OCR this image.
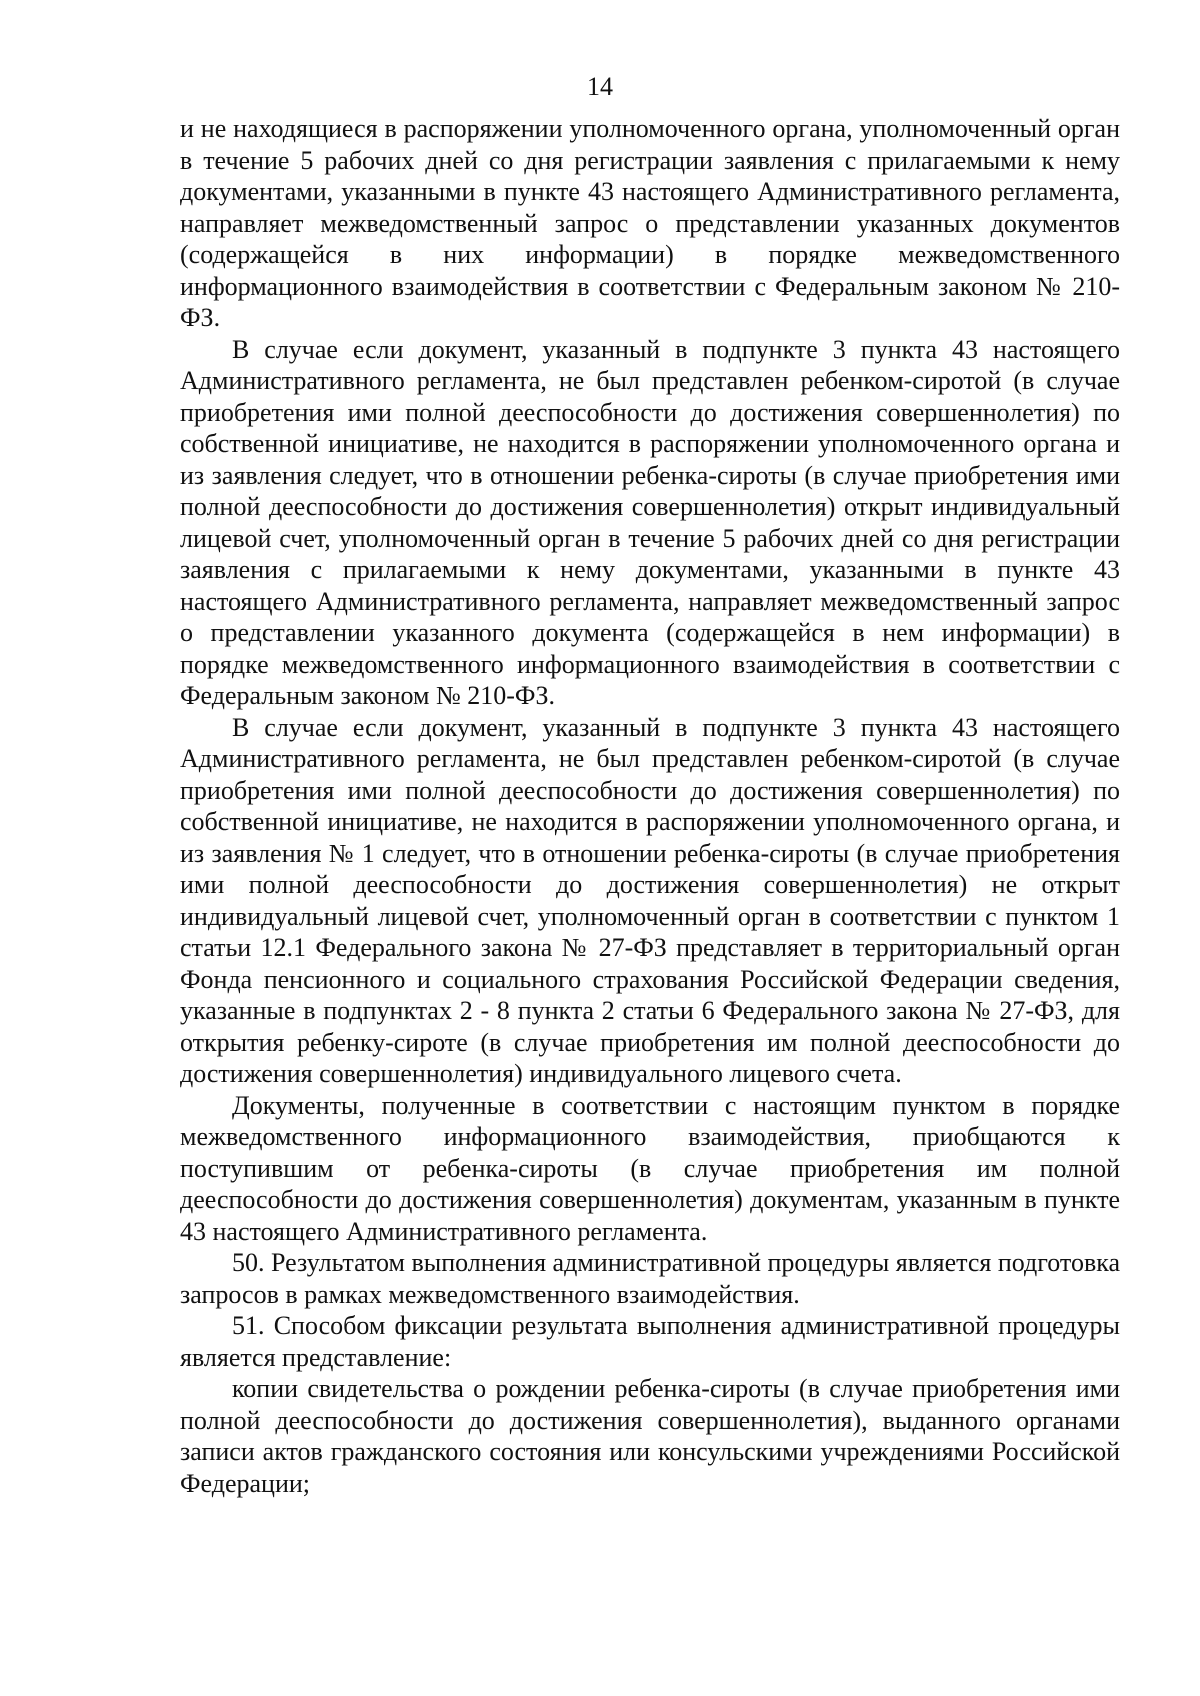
14

и не находящиеся в распоряжении уполномоченного органа, уполномоченный орган в течение 5 рабочих дней со дня регистрации заявления с прилагаемыми к нему документами, указанными в пункте 43 настоящего Административного регламента, направляет межведомственный запрос о представлении указанных документов (содержащейся в них информации) в порядке межведомственного информационного взаимодействия в соответствии с Федеральным законом № 210-ФЗ.

В случае если документ, указанный в подпункте 3 пункта 43 настоящего Административного регламента, не был представлен ребенком-сиротой (в случае приобретения ими полной дееспособности до достижения совершеннолетия) по собственной инициативе, не находится в распоряжении уполномоченного органа и из заявления следует, что в отношении ребенка-сироты (в случае приобретения ими полной дееспособности до достижения совершеннолетия) открыт индивидуальный лицевой счет, уполномоченный орган в течение 5 рабочих дней со дня регистрации заявления с прилагаемыми к нему документами, указанными в пункте 43 настоящего Административного регламента, направляет межведомственный запрос о представлении указанного документа (содержащейся в нем информации) в порядке межведомственного информационного взаимодействия в соответствии с Федеральным законом № 210-ФЗ.

В случае если документ, указанный в подпункте 3 пункта 43 настоящего Административного регламента, не был представлен ребенком-сиротой (в случае приобретения ими полной дееспособности до достижения совершеннолетия) по собственной инициативе, не находится в распоряжении уполномоченного органа, и из заявления № 1 следует, что в отношении ребенка-сироты (в случае приобретения ими полной дееспособности до достижения совершеннолетия) не открыт индивидуальный лицевой счет, уполномоченный орган в соответствии с пунктом 1 статьи 12.1 Федерального закона № 27-ФЗ представляет в территориальный орган Фонда пенсионного и социального страхования Российской Федерации сведения, указанные в подпунктах 2 - 8 пункта 2 статьи 6 Федерального закона № 27-ФЗ, для открытия ребенку-сироте (в случае приобретения им полной дееспособности до достижения совершеннолетия) индивидуального лицевого счета.

Документы, полученные в соответствии с настоящим пунктом в порядке межведомственного информационного взаимодействия, приобщаются к поступившим от ребенка-сироты (в случае приобретения им полной дееспособности до достижения совершеннолетия) документам, указанным в пункте 43 настоящего Административного регламента.

50. Результатом выполнения административной процедуры является подготовка запросов в рамках межведомственного взаимодействия.

51. Способом фиксации результата выполнения административной процедуры является представление:

копии свидетельства о рождении ребенка-сироты (в случае приобретения ими полной дееспособности до достижения совершеннолетия), выданного органами записи актов гражданского состояния или консульскими учреждениями Российской Федерации;
